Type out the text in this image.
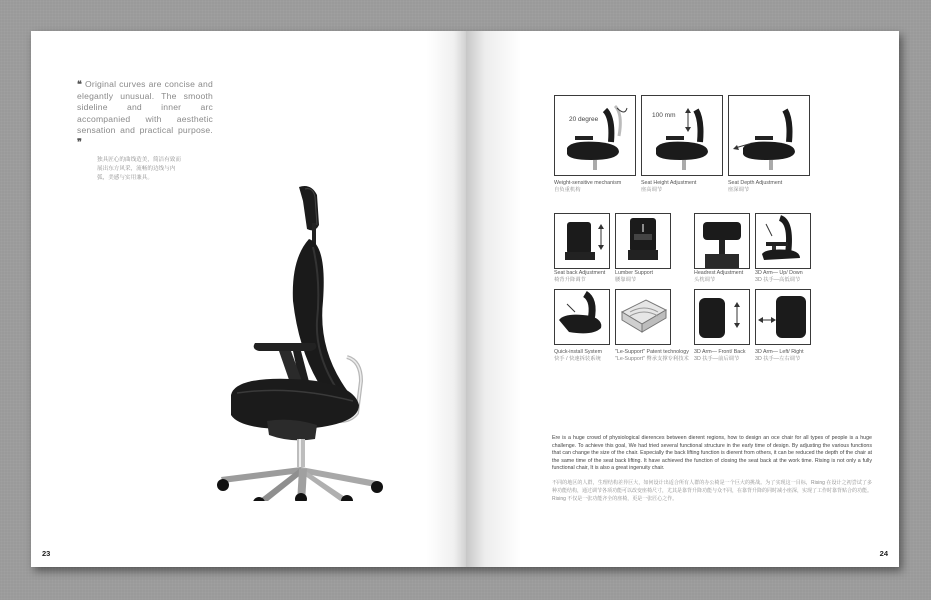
❝ Original curves are concise and elegantly unusual. The smooth sideline and inner arc accompanied with aesthetic sensation and practical purpose. ❞
独具匠心的曲线造美，简洁有致而展出东方风采，流畅的边线与内弧，美感与实用兼具。
23
20 degree
100 mm
Weight-sensitive mechanism
自负重机构
Seat Height Adjustment
座高调节
Seat Depth Adjustment
座深调节
Seat back Adjustment
椅背升降调节
Lumber Support
腰靠调节
Headrest Adjustment
头枕调节
3D Arm— Up/ Down
3D 扶手—高低调节
Quick-install System
快手 / 快速拆装系统
"Le-Support" Patent technology
"Le-Support" 臀承支撑专利技术
3D Arm— Front/ Back
3D 扶手—前后调节
3D Arm— Left/ Right
3D 扶手—左右调节
Ere is a huge crowd of physiological dierences between dierent regions, how to design an oce chair for all types of people is a huge challenge. To achieve this goal, We had tried several functional structure in the early time of design. By adjusting the various functions that can change the size of the chair. Especially the back lifting function is dierent from others, it can be reduced the depth of the chair at the same time of the seat back lifting. It have achieved the function of closing the seat back at the work time. Rising is not only a fully functional chair, It is also a great ingenuity chair.
不同的地区的人群，生理结构差异巨大，如何设计出适合所有人群的办公椅是一个巨大的挑战。为了实现这一目标，Rising 在设计之初尝试了多种功能结构，通过调节各项功能可以改变座椅尺寸，尤其是靠背升降功能与众不同，在靠背升降的同时减小座深，实现了工作时靠背贴合的功能。Rising 不仅是一张功能齐全的座椅，更是一张匠心之作。
24
